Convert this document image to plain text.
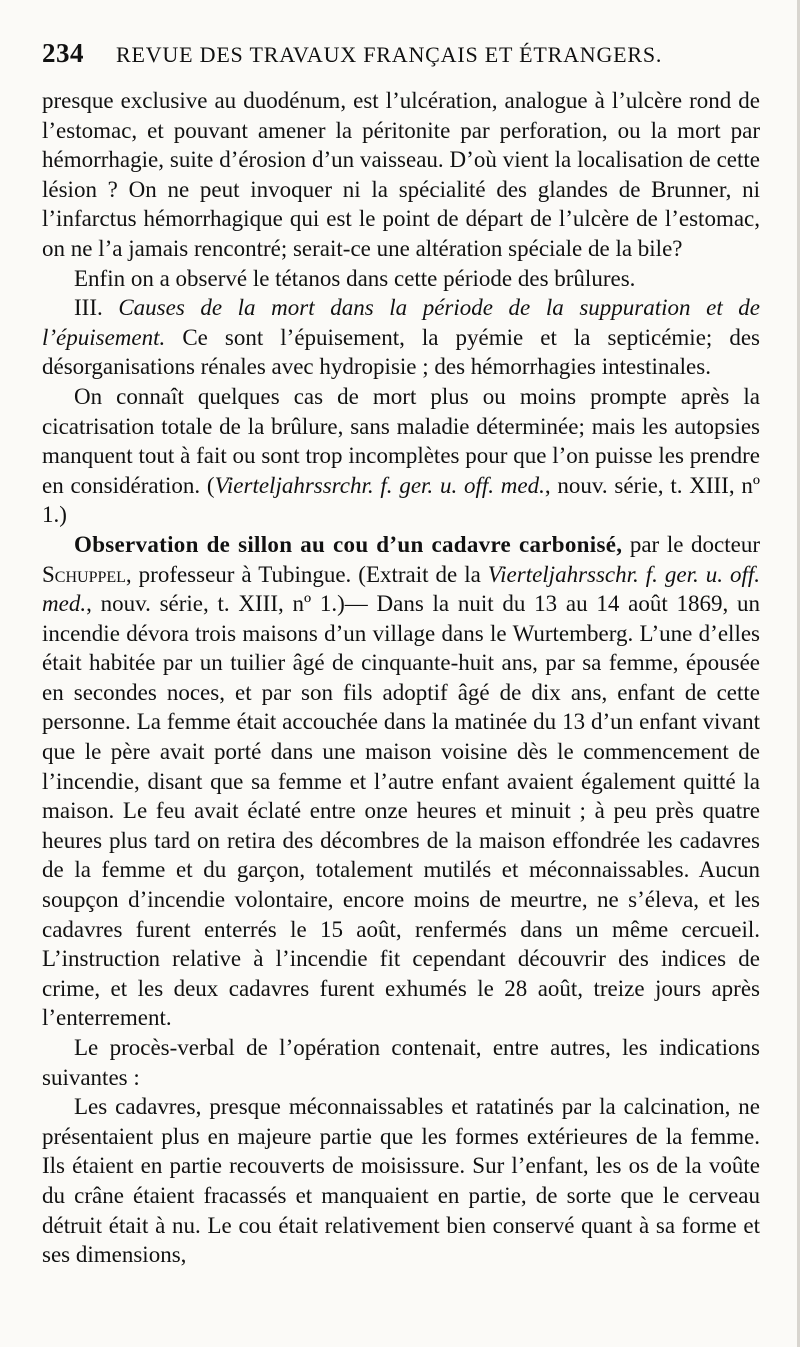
234	REVUE DES TRAVAUX FRANÇAIS ET ÉTRANGERS.

presque exclusive au duodénum, est l’ulcération, analogue à l’ulcère rond de l’estomac, et pouvant amener la péritonite par perforation, ou la mort par hémorrhagie, suite d’érosion d’un vaisseau. D’où vient la localisation de cette lésion ? On ne peut invoquer ni la spécialité des glandes de Brunner, ni l’infarctus hémorrhagique qui est le point de départ de l’ulcère de l’estomac, on ne l’a jamais rencontré; serait-ce une altération spéciale de la bile?

Enfin on a observé le tétanos dans cette période des brûlures.

III. Causes de la mort dans la période de la suppuration et de l’épuisement. Ce sont l’épuisement, la pyémie et la septicémie; des désorganisations rénales avec hydropisie ; des hémorrhagies intestinales.

On connaît quelques cas de mort plus ou moins prompte après la cicatrisation totale de la brûlure, sans maladie déterminée; mais les autopsies manquent tout à fait ou sont trop incomplètes pour que l’on puisse les prendre en considération. (Vierteljahrssrchr. f. ger. u. off. med., nouv. série, t. XIII, nº 1.)

Observation de sillon au cou d’un cadavre carbonisé, par le docteur Schuppel, professeur à Tubingue. (Extrait de la Vierteljahrsschr. f. ger. u. off. med., nouv. série, t. XIII, nº 1.)— Dans la nuit du 13 au 14 août 1869, un incendie dévora trois maisons d’un village dans le Wurtemberg. L’une d’elles était habitée par un tuilier âgé de cinquante-huit ans, par sa femme, épousée en secondes noces, et par son fils adoptif âgé de dix ans, enfant de cette personne. La femme était accouchée dans la matinée du 13 d’un enfant vivant que le père avait porté dans une maison voisine dès le commencement de l’incendie, disant que sa femme et l’autre enfant avaient également quitté la maison. Le feu avait éclaté entre onze heures et minuit ; à peu près quatre heures plus tard on retira des décombres de la maison effondrée les cadavres de la femme et du garçon, totalement mutilés et méconnaissables. Aucun soupçon d’incendie volontaire, encore moins de meurtre, ne s’éleva, et les cadavres furent enterrés le 15 août, renfermés dans un même cercueil. L’instruction relative à l’incendie fit cependant découvrir des indices de crime, et les deux cadavres furent exhumés le 28 août, treize jours après l’enterrement.

Le procès-verbal de l’opération contenait, entre autres, les indications suivantes :

Les cadavres, presque méconnaissables et ratatinés par la calcination, ne présentaient plus en majeure partie que les formes extérieures de la femme. Ils étaient en partie recouverts de moisissure. Sur l’enfant, les os de la voûte du crâne étaient fracassés et manquaient en partie, de sorte que le cerveau détruit était à nu. Le cou était relativement bien conservé quant à sa forme et ses dimensions,
